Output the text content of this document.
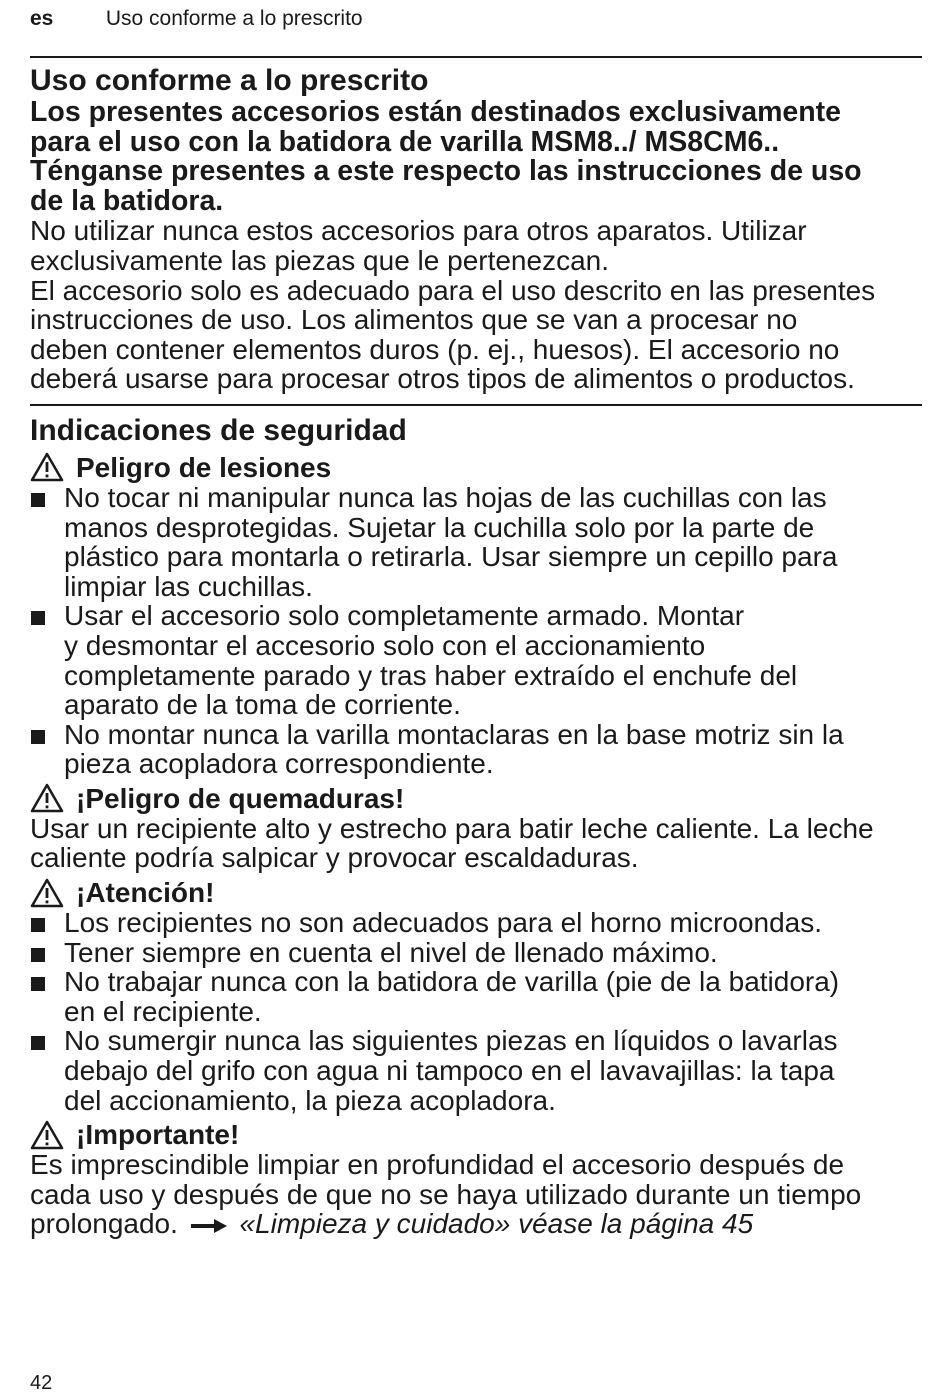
es Uso conforme a lo prescrito
Uso conforme a lo prescrito

Los presentes accesorios están destinados exclusivamente

para el uso con la batidora de varilla MSM8../ MS8CM6..

Ténganse presentes a este respecto las instrucciones de uso

de la batidora.

No utilizar nunca estos accesorios para otros aparatos. Utilizar

exclusivamente las piezas que le pertenezcan.

El accesorio solo es adecuado para el uso descrito en las presentes

instrucciones de uso. Los alimentos que se van a procesar no

deben contener elementos duros (p. ej., huesos). El accesorio no

deberá usarse para procesar otros tipos de alimentos o productos.

Indicaciones de seguridad
Peligro de lesiones
No tocar ni manipular nunca las hojas de las cuchillas con las
manos desprotegidas. Sujetar la cuchilla solo por la parte de
plástico para montarla o retirarla. Usar siempre un cepillo para
limpiar las cuchillas.
Usar el accesorio solo completamente armado. Montar
y desmontar el accesorio solo con el accionamiento
completamente parado y tras haber extraído el enchufe del
aparato de la toma de corriente.
No montar nunca la varilla montaclaras en la base motriz sin la
pieza acopladora correspondiente.
¡Peligro de quemaduras!

Usar un recipiente alto y estrecho para batir leche caliente. La leche

caliente podría salpicar y provocar escaldaduras.

¡Atención!
Los recipientes no son adecuados para el horno microondas.
Tener siempre en cuenta el nivel de llenado máximo.
No trabajar nunca con la batidora de varilla (pie de la batidora)
en el recipiente.
No sumergir nunca las siguientes piezas en líquidos o lavarlas
debajo del grifo con agua ni tampoco en el lavavajillas: la tapa
del accionamiento, la pieza acopladora.
¡Importante!

Es imprescindible limpiar en profundidad el accesorio después de

cada uso y después de que no se haya utilizado durante un tiempo

prolongado. «Limpieza y cuidado» véase la página 45

42
